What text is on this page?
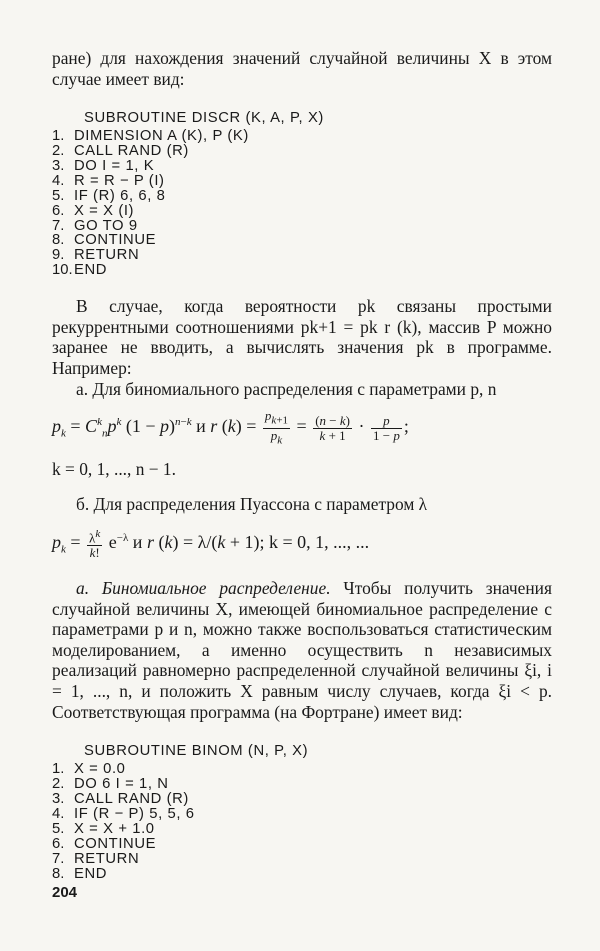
ране) для нахождения значений случайной величины X в этом случае имеет вид:

SUBROUTINE DISCR (K, A, P, X)
1. DIMENSION A (K), P (K)
2. CALL RAND (R)
3. DO I = 1, K
4. R = R − P (I)
5. IF (R) 6, 6, 8
6. X = X (I)
7. GO TO 9
8. CONTINUE
9. RETURN
10. END

В случае, когда вероятности pk связаны простыми рекуррентными соотношениями pk+1 = pk r (k), массив P можно заранее не вводить, а вычислять значения pk в программе. Например:

а. Для биномиального распределения с параметрами p, n

$p_k = C^k_np^k$ $(1 - p)^{n-k}$ и r $(k) = \frac{p_{k+1}}{p_k} = \frac{(n - k)}{k + 1} \cdot \frac{p}{1 - p}$ ;

k = 0, 1, ..., n − 1.

б. Для распределения Пуассона с параметром λ

$p_k = \frac{\lambda^k}{k!} e^{-\lambda}$ и r (k) = λ/(k + 1); k = 0, 1, ..., ...

а. Биномиальное распределение. Чтобы получить значения случайной величины X, имеющей биномиальное распределение с параметрами p и n, можно также воспользоваться статистическим моделированием, а именно осуществить n независимых реализаций равномерно распределенной случайной величины ξi, i = 1, ..., n, и положить X равным числу случаев, когда ξi < p. Соответствующая программа (на Фортране) имеет вид:

SUBROUTINE BINOM (N, P, X)
1. X = 0.0
2. DO 6 I = 1, N
3. CALL RAND (R)
4. IF (R − P) 5, 5, 6
5. X = X + 1.0
6. CONTINUE
7. RETURN
8. END
204
